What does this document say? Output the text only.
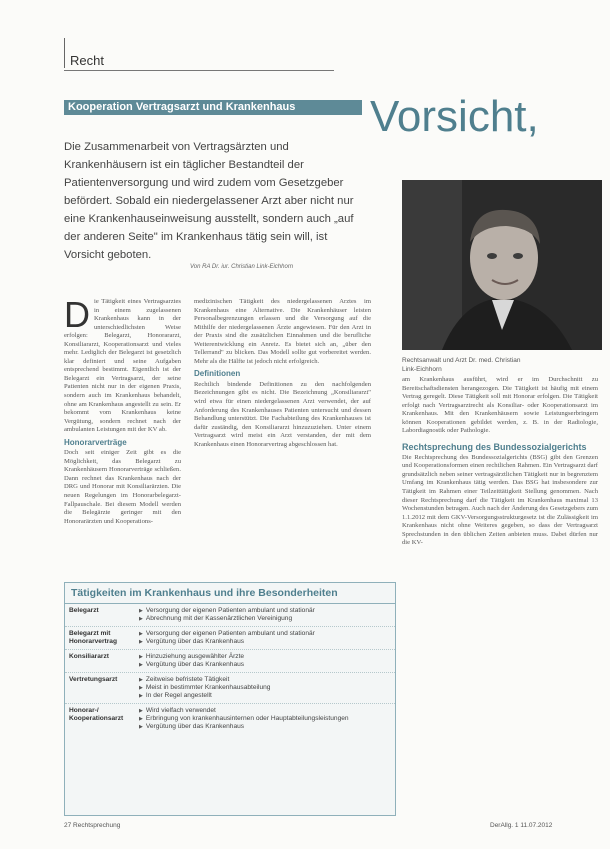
Recht
Kooperation Vertragsarzt und Krankenhaus	Vorsicht,
Die Zusammenarbeit von Vertragsärzten und Krankenhäusern ist ein täglicher Bestandteil der Patientenversorgung und wird zudem vom Gesetzgeber befördert. Sobald ein niedergelassener Arzt aber nicht nur eine Krankenhauseinweisung ausstellt, sondern auch „auf der anderen Seite" im Krankenhaus tätig sein will, ist Vorsicht geboten.
Von RA Dr. iur. Christian Link-Eichhorn
Rechtsanwalt und Arzt Dr. med. Christian Link-Eichhorn
D ie Tätigkeit eines Vertragsarztes in einem zugelassenen Krankenhaus kann in der unterschiedlichsten Weise erfolgen: Belegarzt, Honorararzt, Konsiliararzt, Kooperationsarzt und vieles mehr. Lediglich der Belegarzt ist gesetzlich klar definiert und seine Aufgaben entsprechend bestimmt. Eigentlich ist der Belegarzt ein Vertragsarzt, der seine Patienten nicht nur in der eigenen Praxis, sondern auch im Krankenhaus behandelt, ohne am Krankenhaus angestellt zu sein. Er bekommt vom Krankenhaus keine Vergütung, sondern rechnet nach der ambulanten Leistungen mit der KV ab.

Honorarverträge

Doch seit einiger Zeit gibt es die Möglichkeit, das Belegarzt zu Krankenhäusern Honorarverträge schließen. Dann rechnet das Krankenhaus nach der DRG und Honorar mit Konsiliarärzten. Die neuen Regelungen im Honorarbelegarzt-Fallpauschale. Bei diesem Modell werden die Belegärzte geringer mit den Honorarärzten und Kooperations-

medizinischen Tätigkeit des niedergelassenen Arztes im Krankenhaus eine Alternative. Die Krankenhäuser leisten Personalbegrenzungen erlassen und die Versorgung auf die Mithilfe der niedergelassenen Ärzte angewiesen. Für den Arzt in der Praxis sind die zusätzlichen Einnahmen und die berufliche Weiterentwicklung ein Anreiz. Es bietet sich an, „über den Tellerrand" zu blicken. Das Modell sollte gut vorbereitet werden. Mehr als die Hälfte ist jedoch nicht erfolgreich.

Definitionen

Rechtlich bindende Definitionen zu den nachfolgenden Bezeichnungen gibt es nicht. Die Bezeichnung „Konsiliararzt" wird etwa für einen niedergelassenen Arzt verwendet, der auf Anforderung des Krankenhauses Patienten untersucht und dessen Behandlung unterstützt. Die Fachabteilung des Krankenhauses ist dafür zuständig, den Konsiliararzt hinzuzuziehen. Unter einem Vertragsarzt wird meist ein Arzt verstanden, der mit dem Krankenhaus einen Honorarvertrag abgeschlossen hat.

am Krankenhaus ausführt, wird er im Durchschnitt zu Bereitschaftsdiensten herangezogen. Die Tätigkeit ist häufig mit einem Vertrag geregelt. Diese Tätigkeit soll mit Honorar erfolgen. Die Tätigkeit erfolgt nach Vertragsarztrecht als Konsiliar- oder Kooperationsarzt im Krankenhaus. Mit den Krankenhäusern sowie Leistungserbringern können Kooperationen gebildet werden, z. B. in der Radiologie, Labordiagnostik oder Pathologie.

Rechtsprechung des Bundessozialgerichts

Die Rechtsprechung des Bundessozialgerichts (BSG) gibt den Grenzen und Kooperationsformen einen rechtlichen Rahmen. Ein Vertragsarzt darf grundsätzlich neben seiner vertragsärztlichen Tätigkeit nur in begrenztem Umfang im Krankenhaus tätig werden. Das BSG hat insbesondere zur Tätigkeit im Rahmen einer Teilzeittätigkeit Stellung genommen. Nach dieser Rechtsprechung darf die Tätigkeit im Krankenhaus maximal 13 Wochenstunden betragen. Auch nach der Änderung des Gesetzgebers zum 1.1.2012 mit dem GKV-Versorgungsstrukturgesetz ist die Zulässigkeit im Krankenhaus nicht ohne Weiteres gegeben, so dass der Vertragsarzt Sprechstunden in den üblichen Zeiten anbieten muss. Dabei dürfen nur die KV-

Tätigkeiten im Krankenhaus und ihre Besonderheiten
Belegarzt	▶ Versorgung der eigenen Patienten ambulant und stationär
▶ Abrechnung mit der Kassenärztlichen Vereinigung
Belegarzt mit Honorarvertrag
▶ Versorgung der eigenen Patienten ambulant und stationär
▶ Vergütung über das Krankenhaus
Konsiliararzt	▶ Hinzuziehung ausgewählter Ärzte
▶ Vergütung über das Krankenhaus
Vertretungsarzt	▶ Zeitweise befristete Tätigkeit
▶ Meist in bestimmter Krankenhausabteilung
▶ In der Regel angestellt
Honorar-/ Kooperationsarzt
▶ Wird vielfach verwendet
▶ Erbringung von krankenhausinternen oder Hauptabteilungsleistungen
▶ Vergütung über das Krankenhaus
27 Rechtsprechung	DerAllg. 1 11.07.2012
